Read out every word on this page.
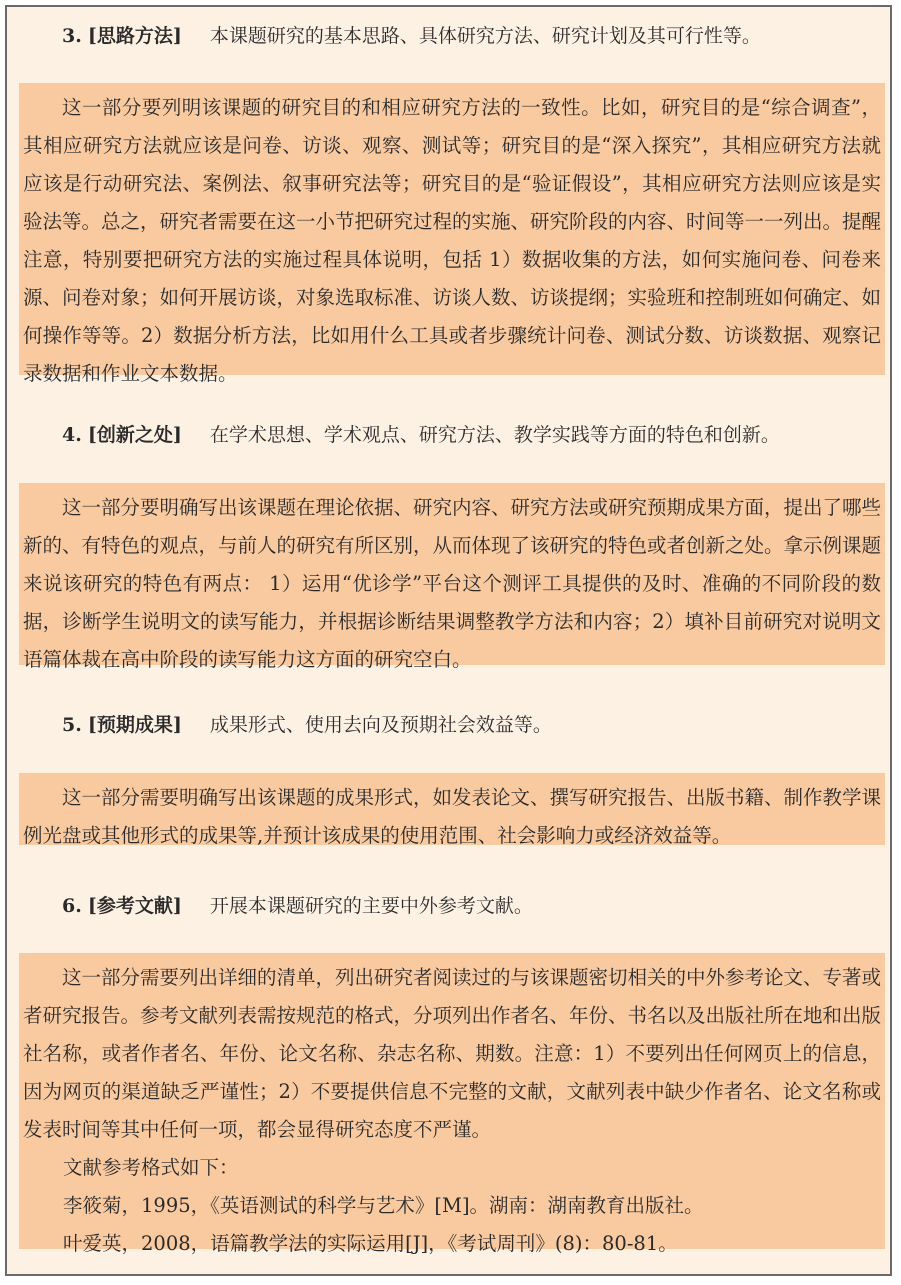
3. [思路方法] 本课题研究的基本思路、具体研究方法、研究计划及其可行性等。

这一部分要列明该课题的研究目的和相应研究方法的一致性。比如，研究目的是“综合调查”，其相应研究方法就应该是问卷、访谈、观察、测试等；研究目的是“深入探究”，其相应研究方法就应该是行动研究法、案例法、叙事研究法等；研究目的是“验证假设”，其相应研究方法则应该是实验法等。总之，研究者需要在这一小节把研究过程的实施、研究阶段的内容、时间等一一列出。提醒注意，特别要把研究方法的实施过程具体说明，包括 1）数据收集的方法，如何实施问卷、问卷来源、问卷对象；如何开展访谈，对象选取标准、访谈人数、访谈提纲；实验班和控制班如何确定、如何操作等等。2）数据分析方法，比如用什么工具或者步骤统计问卷、测试分数、访谈数据、观察记录数据和作业文本数据。

4. [创新之处] 在学术思想、学术观点、研究方法、教学实践等方面的特色和创新。

这一部分要明确写出该课题在理论依据、研究内容、研究方法或研究预期成果方面，提出了哪些新的、有特色的观点，与前人的研究有所区别，从而体现了该研究的特色或者创新之处。拿示例课题来说该研究的特色有两点： 1）运用“优诊学”平台这个测评工具提供的及时、准确的不同阶段的数据，诊断学生说明文的读写能力，并根据诊断结果调整教学方法和内容；2）填补目前研究对说明文语篇体裁在高中阶段的读写能力这方面的研究空白。

5. [预期成果] 成果形式、使用去向及预期社会效益等。

这一部分需要明确写出该课题的成果形式，如发表论文、撰写研究报告、出版书籍、制作教学课例光盘或其他形式的成果等,并预计该成果的使用范围、社会影响力或经济效益等。

6. [参考文献] 开展本课题研究的主要中外参考文献。

这一部分需要列出详细的清单，列出研究者阅读过的与该课题密切相关的中外参考论文、专著或者研究报告。参考文献列表需按规范的格式，分项列出作者名、年份、书名以及出版社所在地和出版社名称，或者作者名、年份、论文名称、杂志名称、期数。注意：1）不要列出任何网页上的信息，因为网页的渠道缺乏严谨性；2）不要提供信息不完整的文献，文献列表中缺少作者名、论文名称或发表时间等其中任何一项，都会显得研究态度不严谨。

文献参考格式如下：

李筱菊，1995，《英语测试的科学与艺术》[M]。湖南：湖南教育出版社。

叶爱英，2008，语篇教学法的实际运用[J]，《考试周刊》(8)：80-81。
